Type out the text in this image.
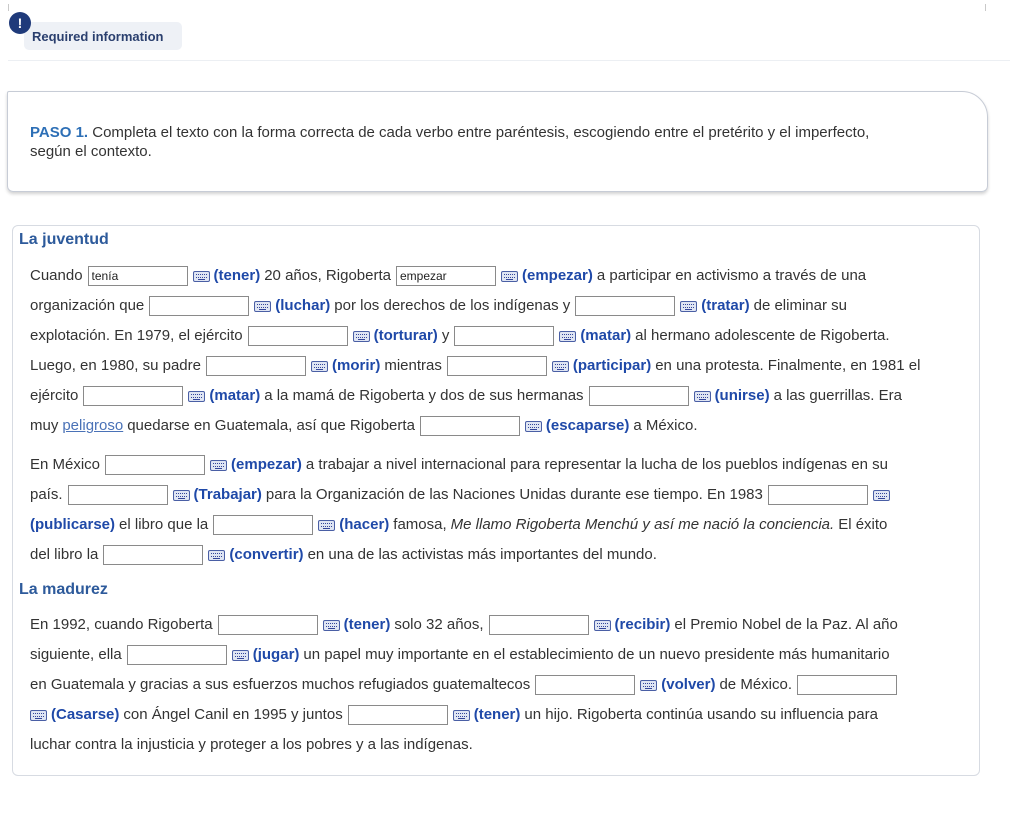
!
Required information
PASO 1. Completa el texto con la forma correcta de cada verbo entre paréntesis, escogiendo entre el pretérito y el imperfecto,
según el contexto.
La juventud
Cuando
tenía	(tener) 20 años, Rigoberta
empezar	(empezar) a participar en activismo a través de una
organización que	(luchar) por los derechos de los indígenas y	(tratar) de eliminar su
explotación. En 1979, el ejército	(torturar) y	(matar) al hermano adolescente de Rigoberta.
Luego, en 1980, su padre	(morir) mientras	(participar) en una protesta. Finalmente, en 1981 el
ejército	(matar) a la mamá de Rigoberta y dos de sus hermanas	(unirse) a las guerrillas. Era
muy peligroso quedarse en Guatemala, así que Rigoberta	(escaparse) a México.
En México	(empezar) a trabajar a nivel internacional para representar la lucha de los pueblos indígenas en su
país.	(Trabajar) para la Organización de las Naciones Unidas durante ese tiempo. En 1983
(publicarse) el libro que la	(hacer) famosa, Me llamo Rigoberta Menchú y así me nació la conciencia. El éxito
del libro la	(convertir) en una de las activistas más importantes del mundo.
La madurez
En 1992, cuando Rigoberta	(tener) solo 32 años,	(recibir) el Premio Nobel de la Paz. Al año
siguiente, ella	(jugar) un papel muy importante en el establecimiento de un nuevo presidente más humanitario
en Guatemala y gracias a sus esfuerzos muchos refugiados guatemaltecos	(volver) de México.
(Casarse) con Ángel Canil en 1995 y juntos	(tener) un hijo. Rigoberta continúa usando su influencia para
luchar contra la injusticia y proteger a los pobres y a las indígenas.
